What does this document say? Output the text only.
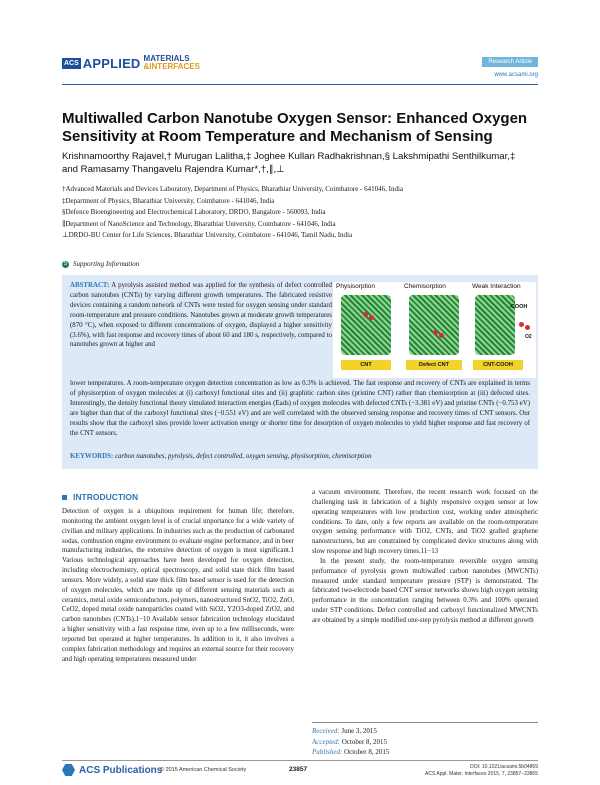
ACS APPLIED MATERIALS
&INTERFACES	Research Article
www.acsami.org
Multiwalled Carbon Nanotube Oxygen Sensor: Enhanced Oxygen Sensitivity at Room Temperature and Mechanism of Sensing
Krishnamoorthy Rajavel,† Murugan Lalitha,‡ Joghee Kullan Radhakrishnan,§ Lakshmipathi Senthilkumar,‡
and Ramasamy Thangavelu Rajendra Kumar*,†,∥,⊥
†Advanced Materials and Devices Laboratory, Department of Physics, Bharathiar University, Coimbatore - 641046, India
‡Department of Physics, Bharathiar University, Coimbatore - 641046, India
§Defence Bioengineering and Electrochemical Laboratory, DRDO, Bangalore - 560093, India
∥Department of NanoScience and Technology, Bharathiar University, Coimbatore - 641046, India
⊥DRDO-BU Center for Life Sciences, Bharathiar University, Coimbatore - 641046, Tamil Nadu, India
S Supporting Information
ABSTRACT: A pyrolysis assisted method was applied for the synthesis of defect controlled carbon nanotubes (CNTs) by varying different growth temperatures. The fabricated resistive devices containing a random network of CNTs were tested for oxygen sensing under standard room-temperature and pressure conditions. Nanotubes grown at moderate growth temperatures (870 °C), when exposed to different concentrations of oxygen, displayed a higher sensitivity (3.6%), with fast response and recovery times of about 60 and 180 s, respectively, compared to nanotubes grown at higher and
lower temperatures. A room-temperature oxygen detection concentration as low as 0.3% is achieved. The fast response and recovery of CNTs are explained in terms of physisorption of oxygen molecules at (i) carboxyl functional sites and (ii) graphitic carbon sites (pristine CNT) rather than chemisorption at (iii) defected sites. Interestingly, the density functional theory simulated interaction energies (Eads) of oxygen molecules with defected CNTs (−3.381 eV) and pristine CNTs (−0.753 eV) are higher than that of the carboxyl functional sites (−0.551 eV) and are well correlated with the observed sensing response and recovery times of CNT sensors. Our results show that the carboxyl sites provide lower activation energy or shorter time for desorption of oxygen molecules to yield higher response and fast recovery of the CNT sensors.
KEYWORDS: carbon nanotubes, pyrolysis, defect controlled, oxygen sensing, physisorption, chemisorption
Physisorption	Chemisorption	Weak Interaction
-COOH
O2
CNT	Defect CNT	CNT-COOH
INTRODUCTION

Detection of oxygen is a ubiquitous requirement for human life; therefore, monitoring the ambient oxygen level is of crucial importance for a wide variety of civilian and military applications. In industries such as the production of carbonated sodas, combustion engine environment to evaluate engine performance, and in beer manufacturing industries, the extensive detection of oxygen is most significant.1 Various technological approaches have been developed for oxygen detection, including electrochemistry, optical spectroscopy, and solid state thick film based sensors. More widely, a solid state thick film based sensor is used for the detection of oxygen molecules, which are made up of different sensing materials such as ceramics, metal oxide semiconductors, polymers, nanostructured SnO2, TiO2, ZnO, CeO2, doped metal oxide nanoparticles coated with SiO2, Y2O3-doped ZrO2, and carbon nanotubes (CNTs).1−10 Available sensor fabrication technology elucidated a higher sensitivity with a fast response time, even up to a few milliseconds, were reported but operated at higher temperatures. In addition to it, it also involves a complex fabrication methodology and requires an external source for their recovery and high operating temperatures measured under

a vacuum environment. Therefore, the recent research work focused on the challenging task in fabrication of a highly responsive oxygen sensor at low operating temperatures with low production cost, working under atmospheric conditions. To date, only a few reports are available on the room-temperature oxygen sensing performance with TiO2, CNTs, and TiO2 grafted graphene nanostructures, but are constrained by complicated device structures along with slow response and high recovery times.11−13

In the present study, the room-temperature reversible oxygen sensing performance of pyrolysis grown multiwalled carbon nanotubes (MWCNTs) measured under standard temperature pressure (STP) is demonstrated. The fabricated two-electrode based CNT sensor networks shows high oxygen sensing performance in the concentration ranging between 0.3% and 100% operated under STP conditions. Defect controlled and carboxyl functionalized MWCNTs are obtained by a simple modified one-step pyrolysis method at different growth

Received: June 3, 2015
Accepted: October 8, 2015
Published: October 8, 2015
ACS Publications
© 2015 American Chemical Society	23857	DOI: 10.1021/acsami.5b04869
ACS Appl. Mater. Interfaces 2015, 7, 23857−23865
